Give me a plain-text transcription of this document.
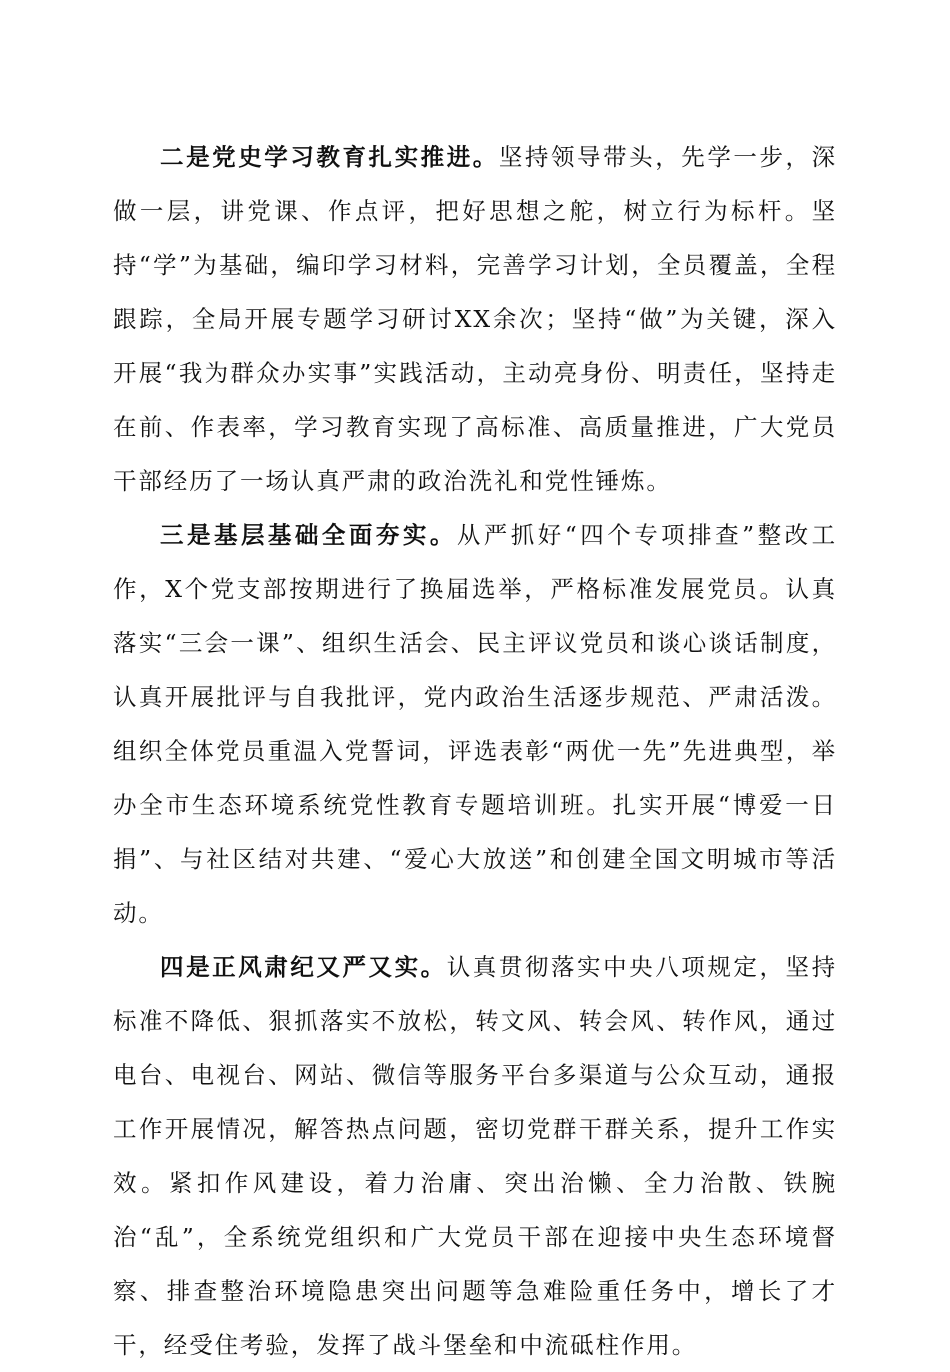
二是党史学习教育扎实推进。坚持领导带头，先学一步，深做一层，讲党课、作点评，把好思想之舵，树立行为标杆。坚持“学”为基础，编印学习材料，完善学习计划，全员覆盖，全程跟踪，全局开展专题学习研讨XX余次；坚持“做”为关键，深入开展“我为群众办实事”实践活动，主动亮身份、明责任，坚持走在前、作表率，学习教育实现了高标准、高质量推进，广大党员干部经历了一场认真严肃的政治洗礼和党性锤炼。

三是基层基础全面夯实。从严抓好“四个专项排查”整改工作，X个党支部按期进行了换届选举，严格标准发展党员。认真落实“三会一课”、组织生活会、民主评议党员和谈心谈话制度，认真开展批评与自我批评，党内政治生活逐步规范、严肃活泼。组织全体党员重温入党誓词，评选表彰“两优一先”先进典型，举办全市生态环境系统党性教育专题培训班。扎实开展“博爱一日捐”、与社区结对共建、“爱心大放送”和创建全国文明城市等活动。

四是正风肃纪又严又实。认真贯彻落实中央八项规定，坚持标准不降低、狠抓落实不放松，转文风、转会风、转作风，通过电台、电视台、网站、微信等服务平台多渠道与公众互动，通报工作开展情况，解答热点问题，密切党群干群关系，提升工作实效。紧扣作风建设，着力治庸、突出治懒、全力治散、铁腕治“乱”，全系统党组织和广大党员干部在迎接中央生态环境督察、排查整治环境隐患突出问题等急难险重任务中，增长了才干，经受住考验，发挥了战斗堡垒和中流砥柱作用。
